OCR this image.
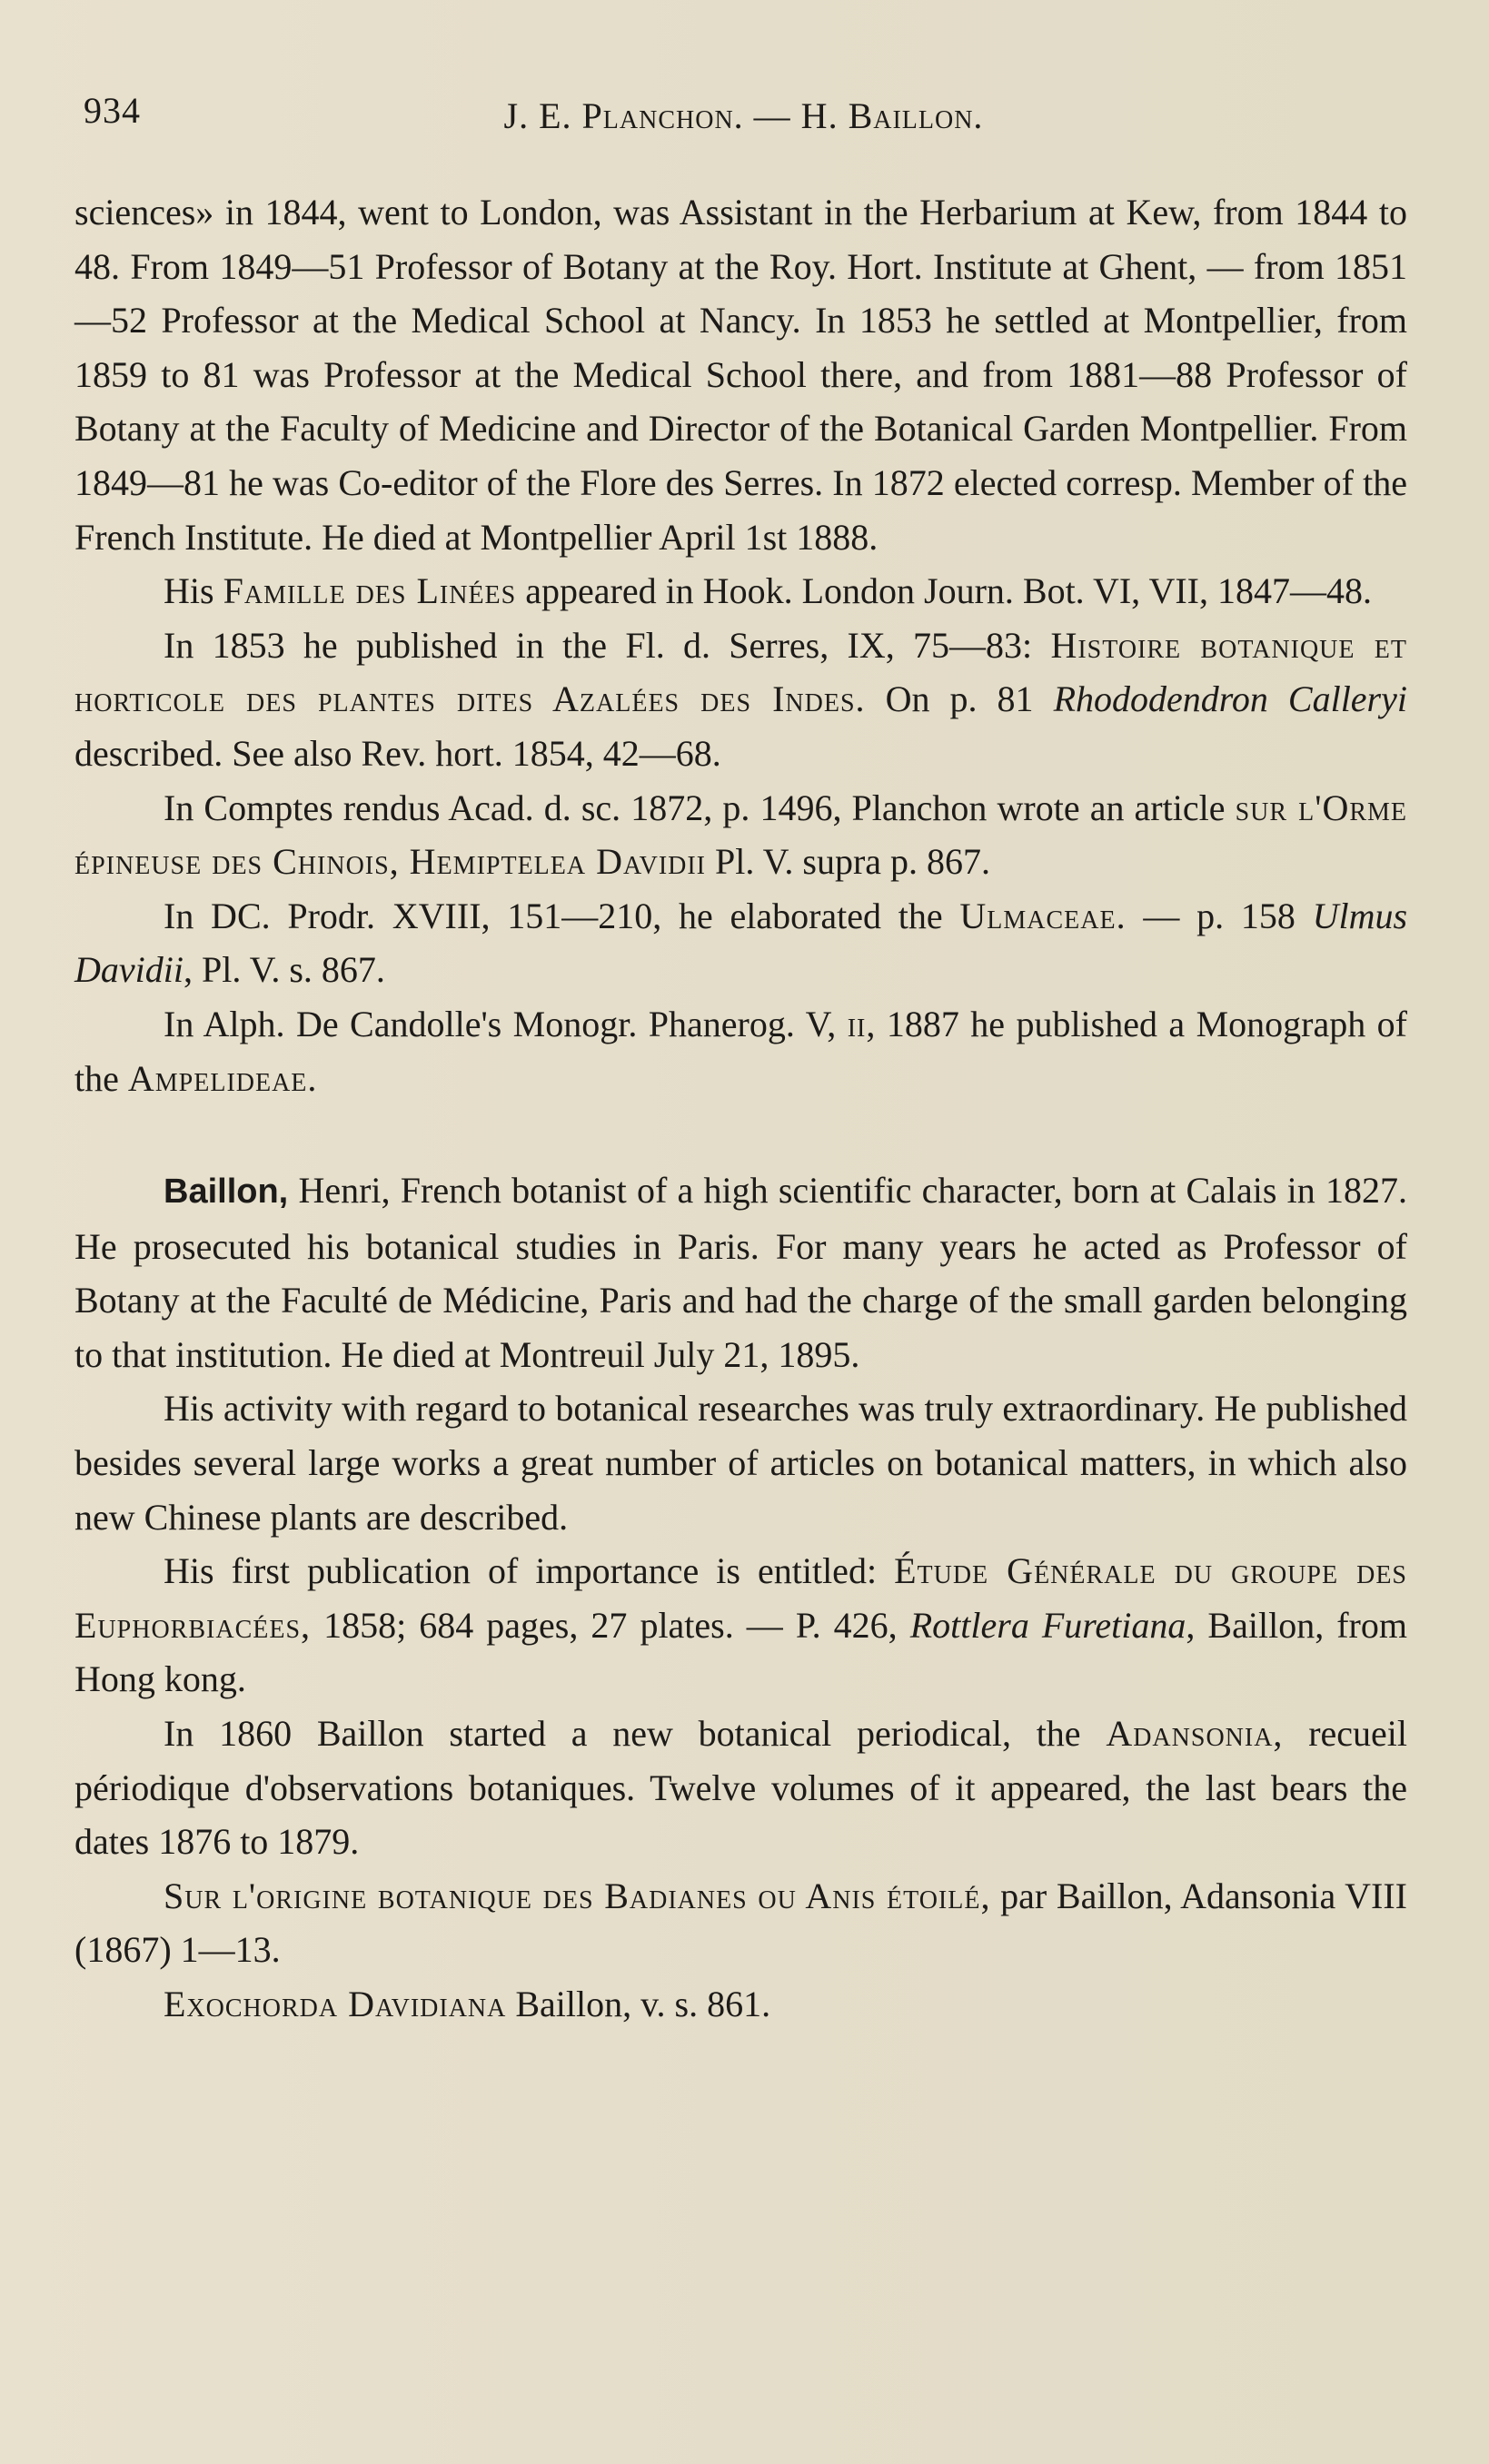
934	J. E. Planchon. — H. Baillon.

sciences» in 1844, went to London, was Assistant in the Herbarium at Kew, from 1844 to 48. From 1849—51 Professor of Botany at the Roy. Hort. Institute at Ghent, — from 1851—52 Professor at the Medical School at Nancy. In 1853 he settled at Montpellier, from 1859 to 81 was Professor at the Medical School there, and from 1881—88 Professor of Botany at the Faculty of Medicine and Director of the Botanical Garden Montpellier. From 1849—81 he was Co-editor of the Flore des Serres. In 1872 elected corresp. Member of the French Institute. He died at Montpellier April 1st 1888.

His Famille des Linées appeared in Hook. London Journ. Bot. VI, VII, 1847—48.

In 1853 he published in the Fl. d. Serres, IX, 75—83: Histoire botanique et horticole des plantes dites Azalées des Indes. On p. 81 Rhododendron Calleryi described. See also Rev. hort. 1854, 42—68.

In Comptes rendus Acad. d. sc. 1872, p. 1496, Planchon wrote an article sur l'Orme épineuse des Chinois, Hemiptelea Davidii Pl. V. supra p. 867.

In DC. Prodr. XVIII, 151—210, he elaborated the Ulmaceae. — p. 158 Ulmus Davidii, Pl. V. s. 867.

In Alph. De Candolle's Monogr. Phanerog. V, ii, 1887 he published a Monograph of the Ampelideae.

Baillon, Henri, French botanist of a high scientific character, born at Calais in 1827. He prosecuted his botanical studies in Paris. For many years he acted as Professor of Botany at the Faculté de Médicine, Paris and had the charge of the small garden belonging to that institution. He died at Montreuil July 21, 1895.

His activity with regard to botanical researches was truly extraordinary. He published besides several large works a great number of articles on botanical matters, in which also new Chinese plants are described.

His first publication of importance is entitled: Étude Générale du groupe des Euphorbiacées, 1858; 684 pages, 27 plates. — P. 426, Rottlera Furetiana, Baillon, from Hong kong.

In 1860 Baillon started a new botanical periodical, the Adansonia, recueil périodique d'observations botaniques. Twelve volumes of it appeared, the last bears the dates 1876 to 1879.

Sur l'origine botanique des Badianes ou Anis étoilé, par Baillon, Adansonia VIII (1867) 1—13.

Exochorda Davidiana Baillon, v. s. 861.
